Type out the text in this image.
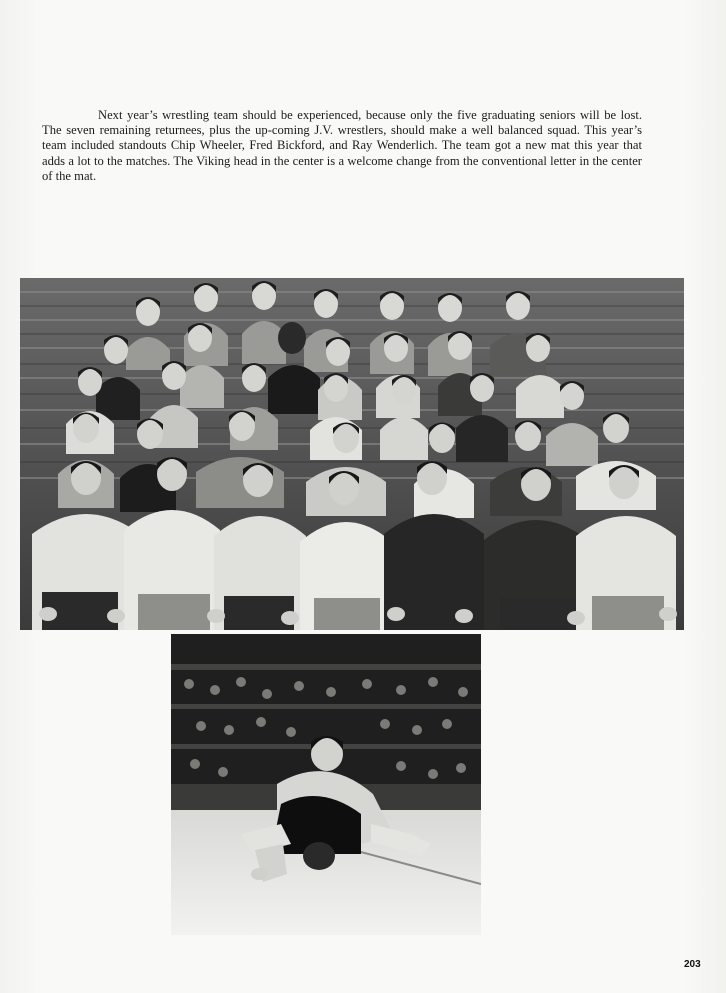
Next year’s wrestling team should be experienced, because only the five graduating seniors will be lost. The seven remaining returnees, plus the up-coming J.V. wrestlers, should make a well balanced squad. This year’s team included standouts Chip Wheeler, Fred Bickford, and Ray Wenderlich. The team got a new mat this year that adds a lot to the matches. The Viking head in the center is a welcome change from the conventional letter in the center of the mat.

203
